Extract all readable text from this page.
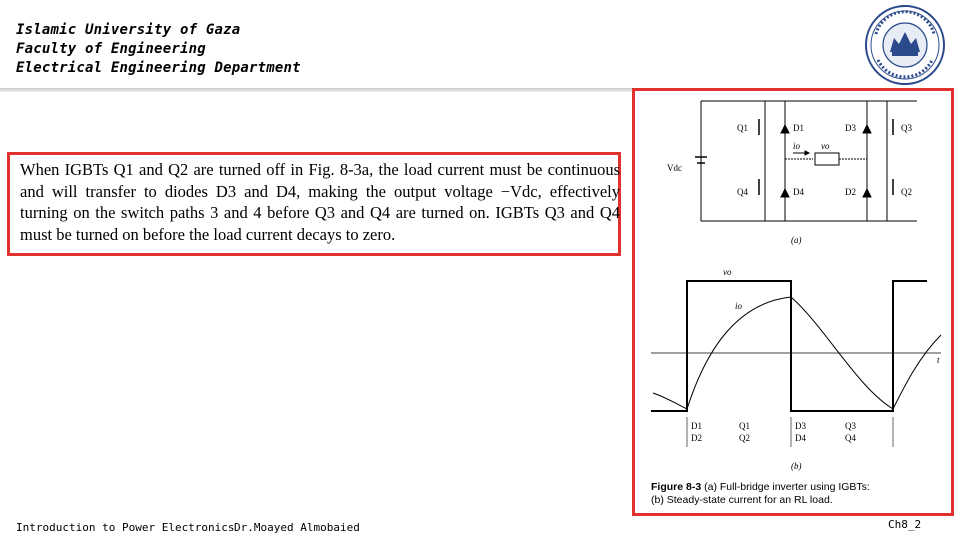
Islamic University of Gaza
Faculty of Engineering
Electrical Engineering Department
When IGBTs Q1 and Q2 are turned off in Fig. 8-3a, the load current must be continuous and will transfer to diodes D3 and D4, making the output voltage −Vdc, effectively turning on the switch paths 3 and 4 before Q3 and Q4 are turned on. IGBTs Q3 and Q4 must be turned on before the load current decays to zero.
Vdc
Q1	D1	D3	Q3
Q4	D4	D2	Q2
io vo
(a)
vo
io
t
D1
D2
Q1
Q2
D3
D4
Q3
Q4
(b)
Figure 8-3 (a) Full-bridge inverter using IGBTs:
(b) Steady-state current for an RL load.
Introduction to Power Electronics Dr.Moayed Almobaied	Ch8_2
